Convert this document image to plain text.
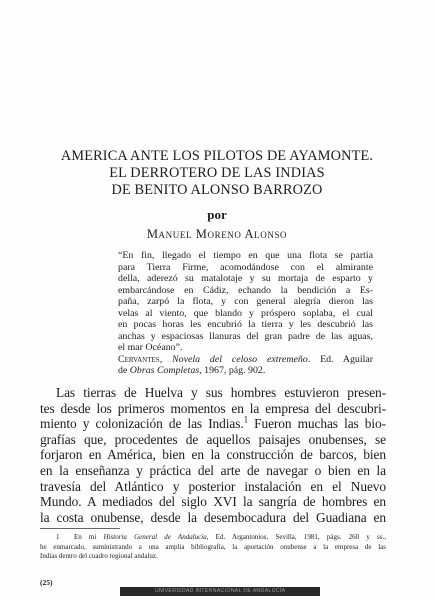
AMERICA ANTE LOS PILOTOS DE AYAMONTE.
EL DERROTERO DE LAS INDIAS
DE BENITO ALONSO BARROZO
por
Manuel Moreno Alonso
“En fin, llegado el tiempo en que una flota se partía
para Tierra Firme, acomodándose con el almirante
della, aderezó su matalotaje y su mortaja de esparto y
embarcándose en Cádiz, echando la bendición a Es-
paña, zarpó la flota, y con general alegría dieron las
velas al viento, que blando y próspero soplaba, el cual
en pocas horas les encubrió la tierra y les descubrió las
anchas y espaciosas llanuras del gran padre de las aguas,
el mar Océano”.
Cervantes, Novela del celoso extremeño. Ed. Aguilar
de Obras Completas, 1967, pág. 902.
Las tierras de Huelva y sus hombres estuvieron presen-
tes desde los primeros momentos en la empresa del descubri-
miento y colonización de las Indias.$^1$ Fueron muchas las bio-
grafías que, procedentes de aquellos paisajes onubenses, se
forjaron en América, bien en la construcción de barcos, bien
en la enseñanza y práctica del arte de navegar o bien en la
travesía del Atlántico y posterior instalación en el Nuevo
Mundo. A mediados del siglo XVI la sangría de hombres en
la costa onubense, desde la desembocadura del Guadiana en
1 En mi Historia General de Andalucía, Ed. Argantonios, Sevilla, 1981, págs. 260 y ss.,
he enmarcado, suministrando a una amplia bibliografía, la aportación onubense a la empresa de las
Indias dentro del cuadro regional andaluz.
(25)
UNIVERSIDAD INTERNACIONAL DE ANDALUCÍA
